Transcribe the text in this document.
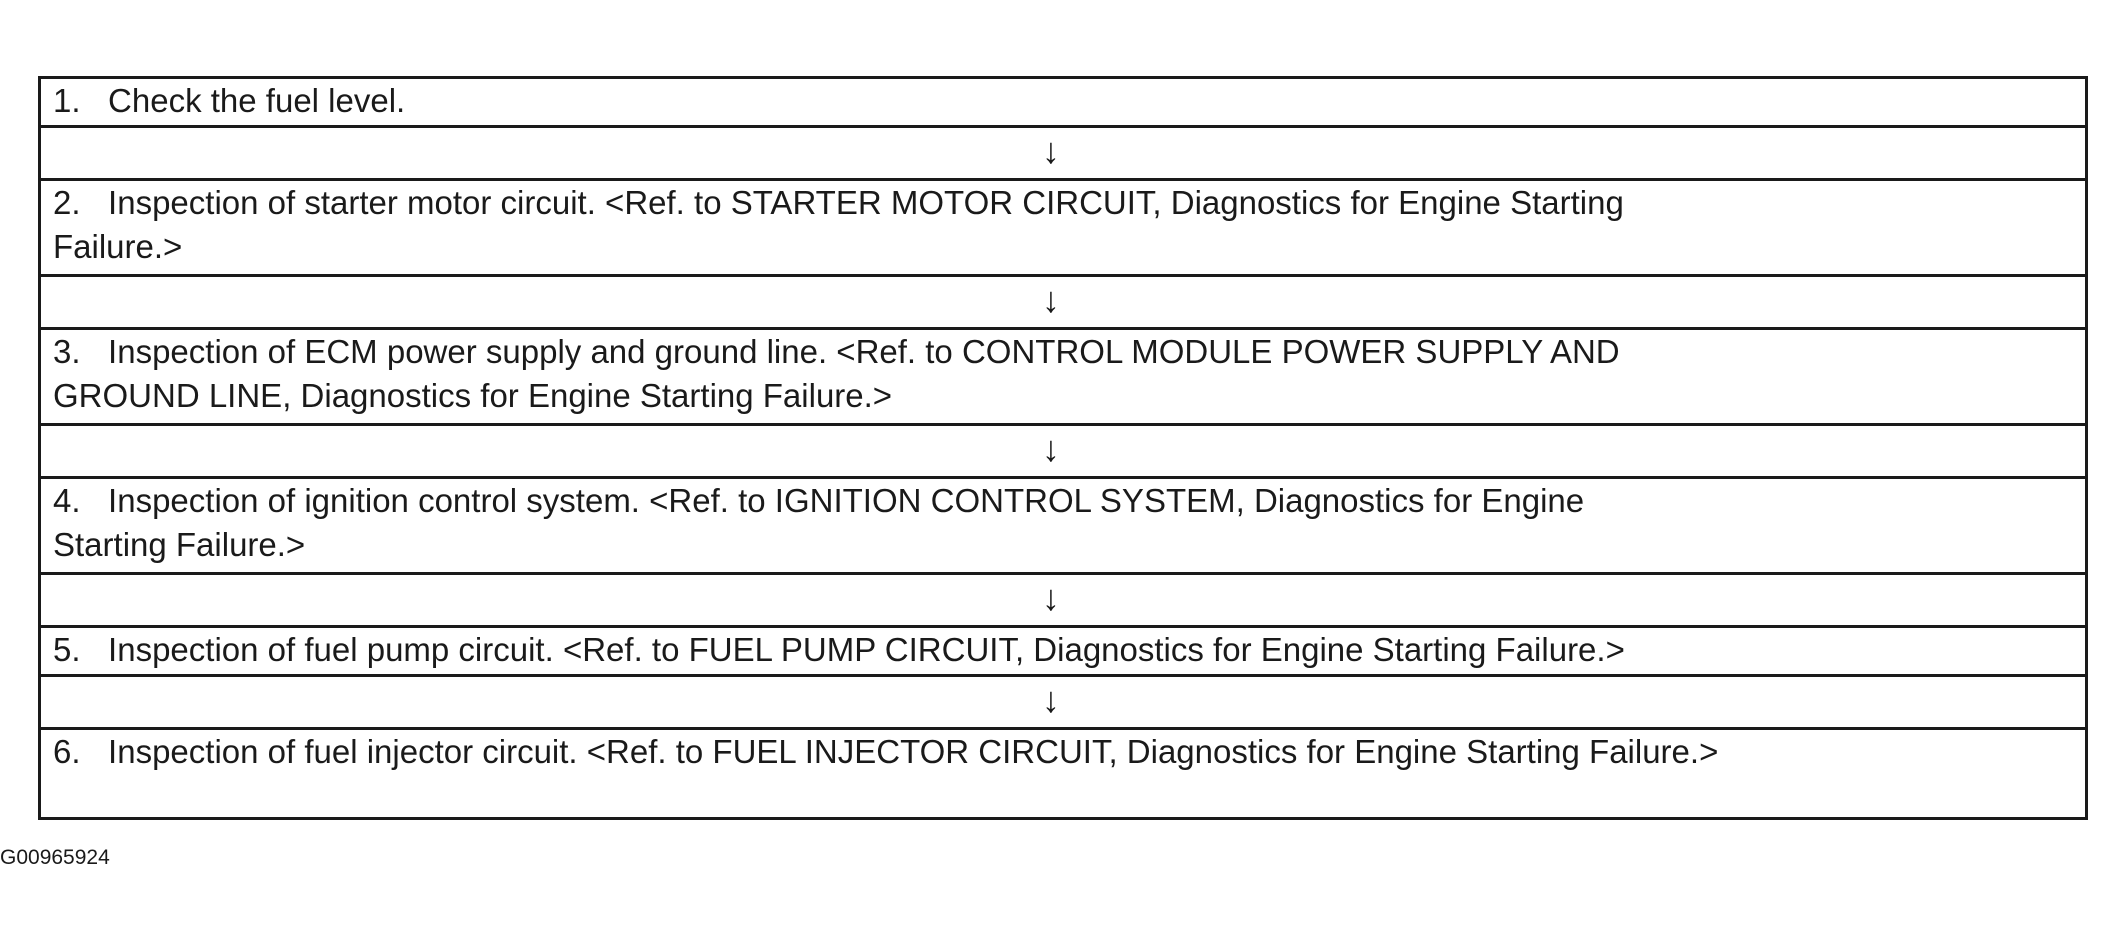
1. Check the fuel level.
↓
2. Inspection of starter motor circuit. <Ref. to STARTER MOTOR CIRCUIT, Diagnostics for Engine Starting
Failure.>
↓
3. Inspection of ECM power supply and ground line. <Ref. to CONTROL MODULE POWER SUPPLY AND
GROUND LINE, Diagnostics for Engine Starting Failure.>
↓
4. Inspection of ignition control system. <Ref. to IGNITION CONTROL SYSTEM, Diagnostics for Engine
Starting Failure.>
↓
5. Inspection of fuel pump circuit. <Ref. to FUEL PUMP CIRCUIT, Diagnostics for Engine Starting Failure.>
↓
6. Inspection of fuel injector circuit. <Ref. to FUEL INJECTOR CIRCUIT, Diagnostics for Engine Starting Failure.>
G00965924
